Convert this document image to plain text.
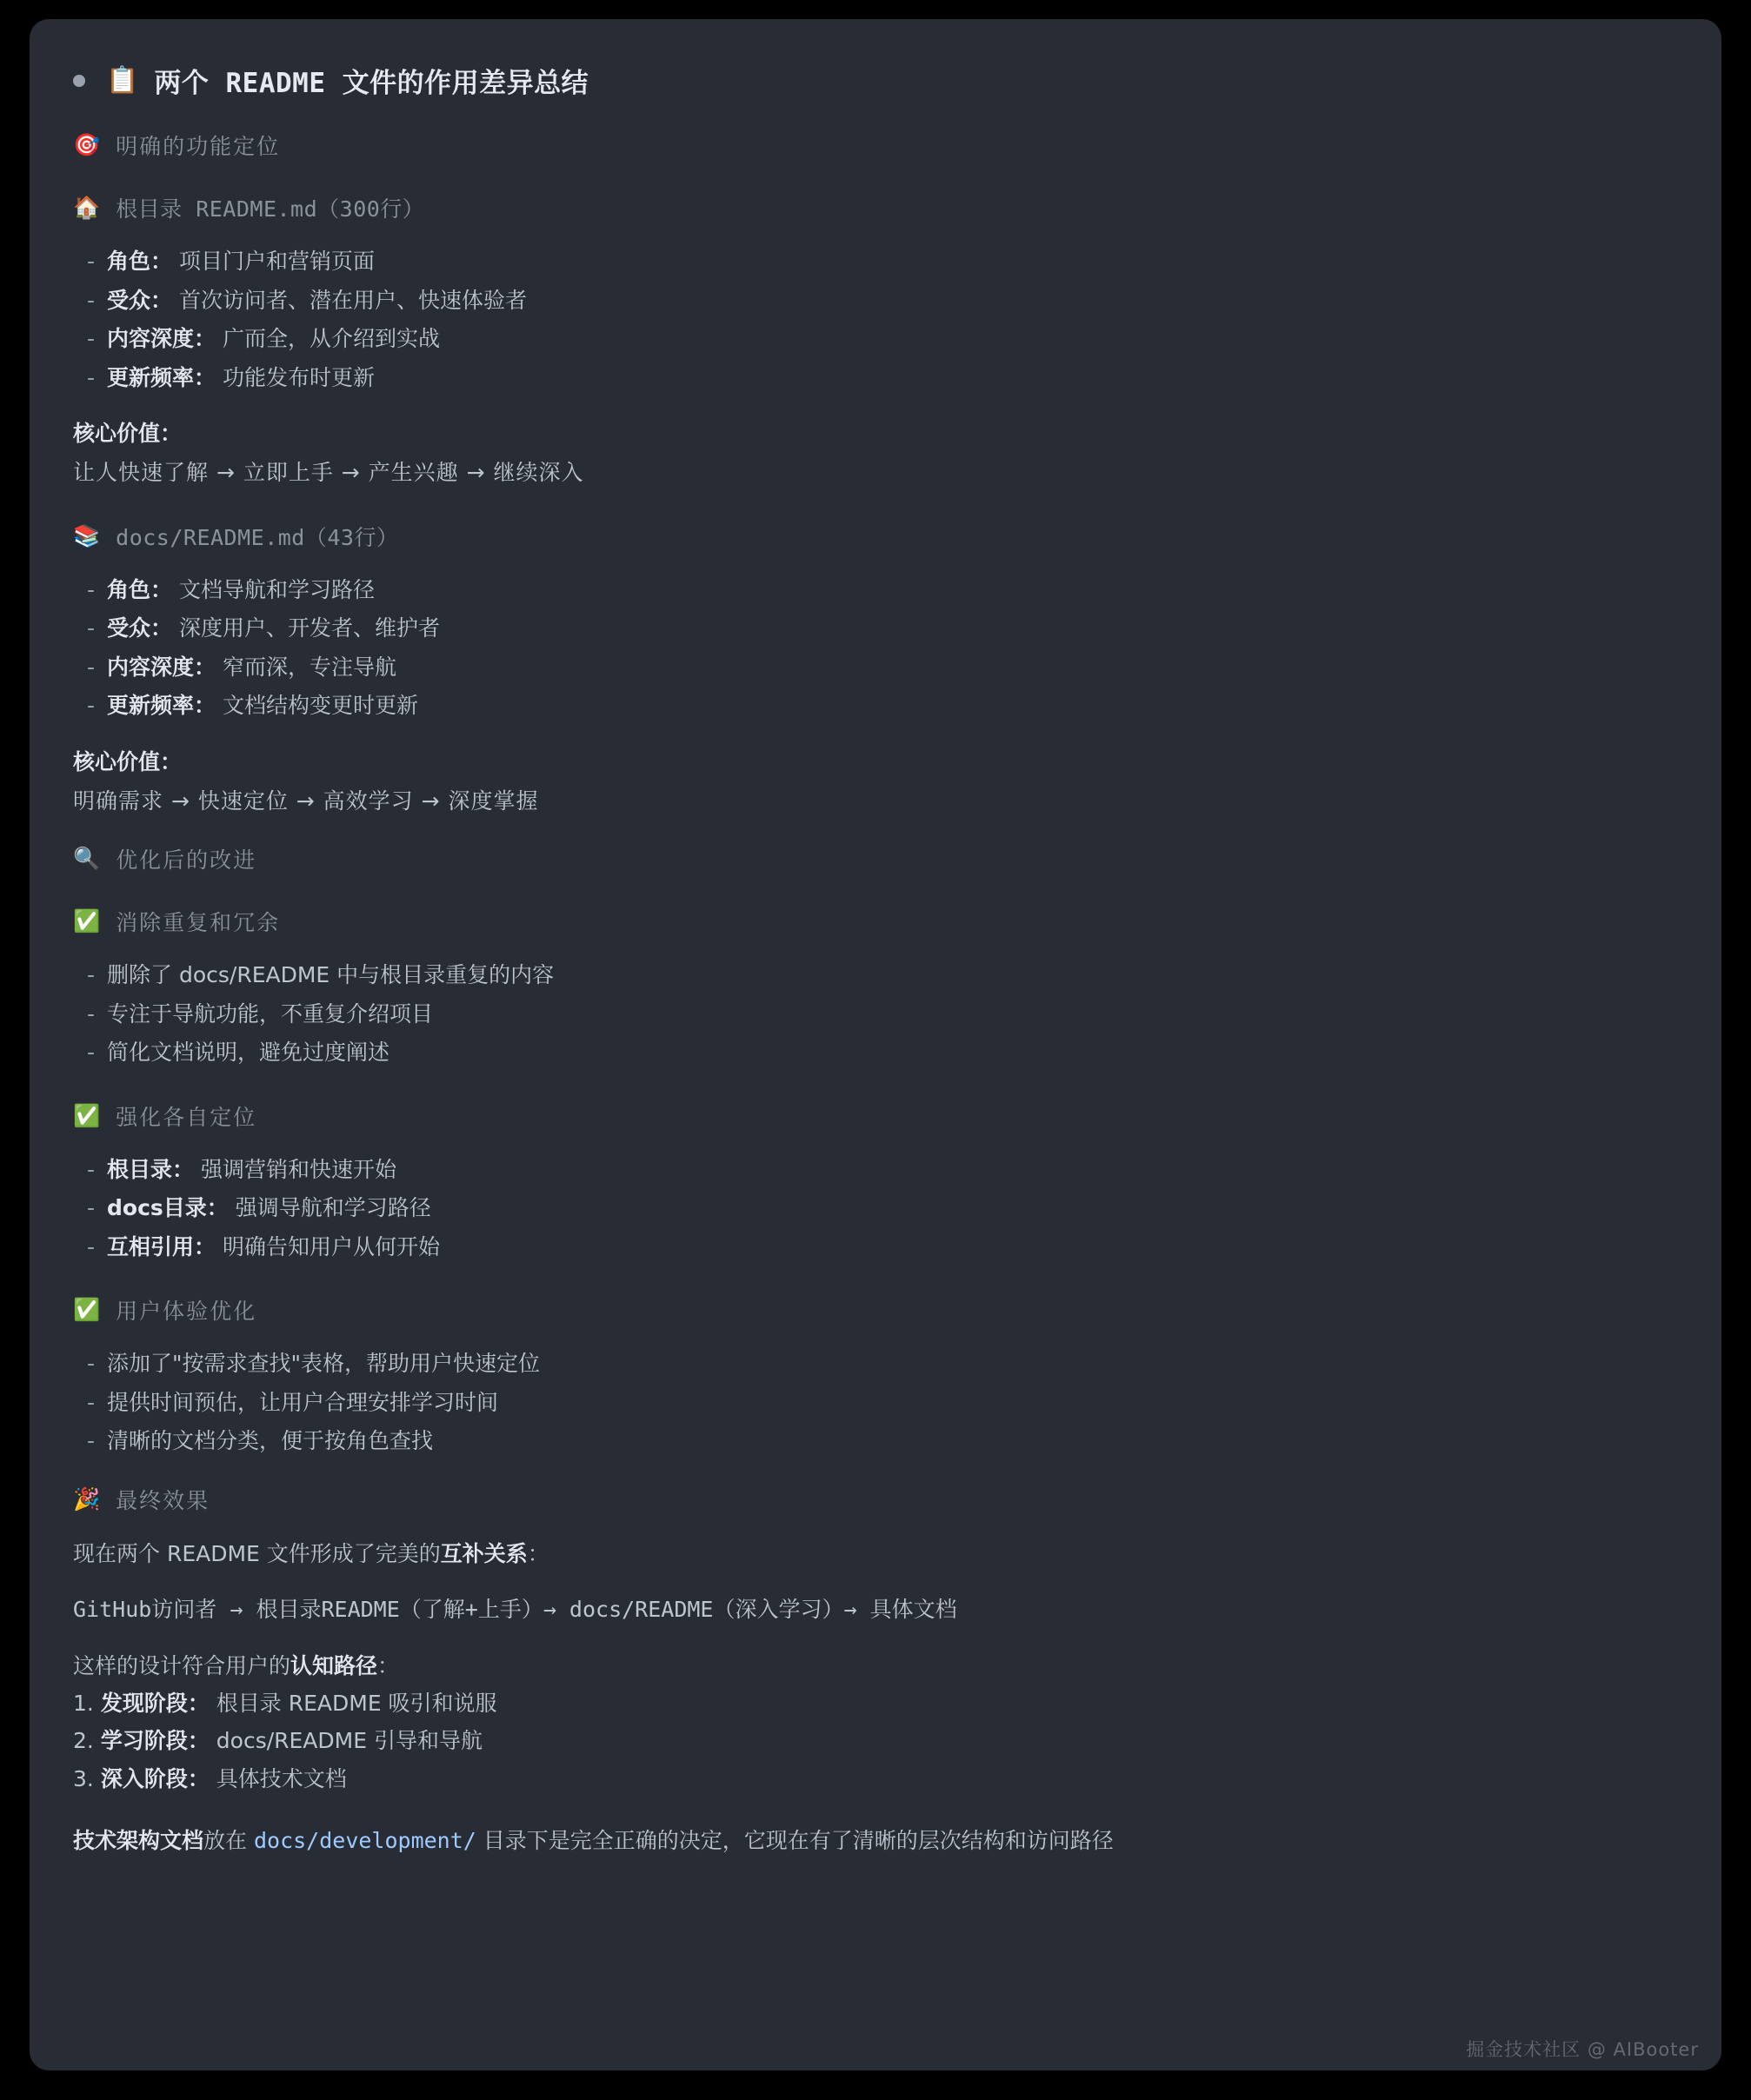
📋 两个 README 文件的作用差异总结
🎯 明确的功能定位
🏠 根目录 README.md（300行）
- 角色： 项目门户和营销页面
- 受众： 首次访问者、潜在用户、快速体验者
- 内容深度： 广而全，从介绍到实战
- 更新频率： 功能发布时更新
核心价值：
让人快速了解 → 立即上手 → 产生兴趣 → 继续深入
📚 docs/README.md（43行）
- 角色： 文档导航和学习路径
- 受众： 深度用户、开发者、维护者
- 内容深度： 窄而深，专注导航
- 更新频率： 文档结构变更时更新
核心价值：
明确需求 → 快速定位 → 高效学习 → 深度掌握
🔍 优化后的改进
✅ 消除重复和冗余
- 删除了 docs/README 中与根目录重复的内容
- 专注于导航功能，不重复介绍项目
- 简化文档说明，避免过度阐述
✅ 强化各自定位
- 根目录： 强调营销和快速开始
- docs目录： 强调导航和学习路径
- 互相引用： 明确告知用户从何开始
✅ 用户体验优化
- 添加了"按需求查找"表格，帮助用户快速定位
- 提供时间预估，让用户合理安排学习时间
- 清晰的文档分类，便于按角色查找
🎉 最终效果
现在两个 README 文件形成了完美的互补关系：
GitHub访问者 → 根目录README（了解+上手）→ docs/README（深入学习）→ 具体文档
这样的设计符合用户的认知路径：
1. 发现阶段： 根目录 README 吸引和说服
2. 学习阶段： docs/README 引导和导航
3. 深入阶段： 具体技术文档
技术架构文档放在 docs/development/ 目录下是完全正确的决定，它现在有了清晰的层次结构和访问路径
掘金技术社区 @ AIBooter
